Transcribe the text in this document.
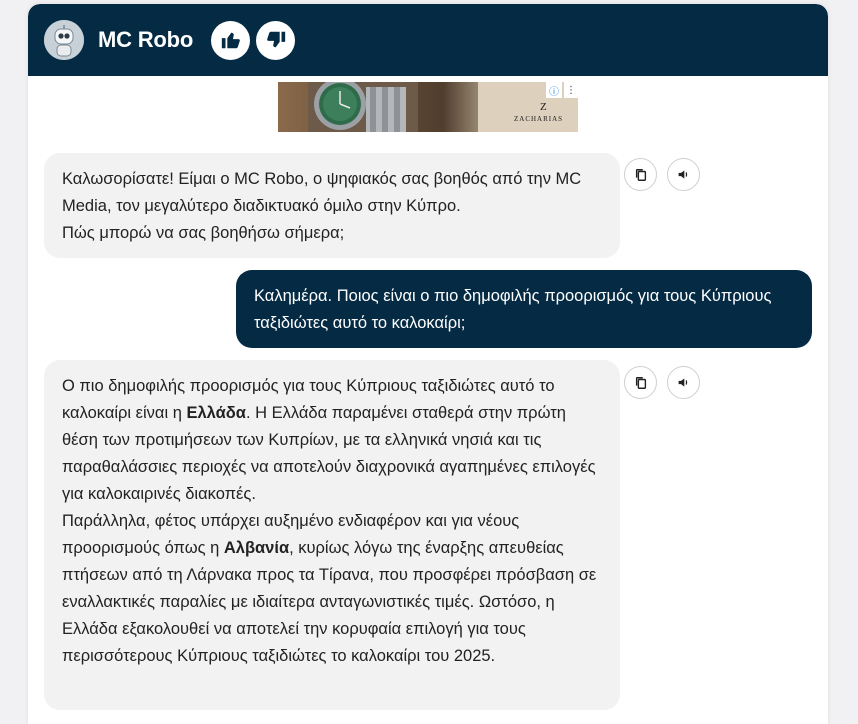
MC Robo
Z
ZACHARIAS
ⓘ ⋮

Καλωσορίσατε! Είμαι ο MC Robo, ο ψηφιακός σας βοηθός από την MC Media, τον μεγαλύτερο διαδικτυακό όμιλο στην Κύπρο.

Πώς μπορώ να σας βοηθήσω σήμερα;

Καλημέρα. Ποιος είναι ο πιο δημοφιλής προορισμός για τους Κύπριους ταξιδιώτες αυτό το καλοκαίρι;

Ο πιο δημοφιλής προορισμός για τους Κύπριους ταξιδιώτες αυτό το καλοκαίρι είναι η Ελλάδα. Η Ελλάδα παραμένει σταθερά στην πρώτη θέση των προτιμήσεων των Κυπρίων, με τα ελληνικά νησιά και τις παραθαλάσσιες περιοχές να αποτελούν διαχρονικά αγαπημένες επιλογές για καλοκαιρινές διακοπές.

Παράλληλα, φέτος υπάρχει αυξημένο ενδιαφέρον και για νέους προορισμούς όπως η Αλβανία, κυρίως λόγω της έναρξης απευθείας πτήσεων από τη Λάρνακα προς τα Τίρανα, που προσφέρει πρόσβαση σε εναλλακτικές παραλίες με ιδιαίτερα ανταγωνιστικές τιμές. Ωστόσο, η Ελλάδα εξακολουθεί να αποτελεί την κορυφαία επιλογή για τους περισσότερους Κύπριους ταξιδιώτες το καλοκαίρι του 2025.
